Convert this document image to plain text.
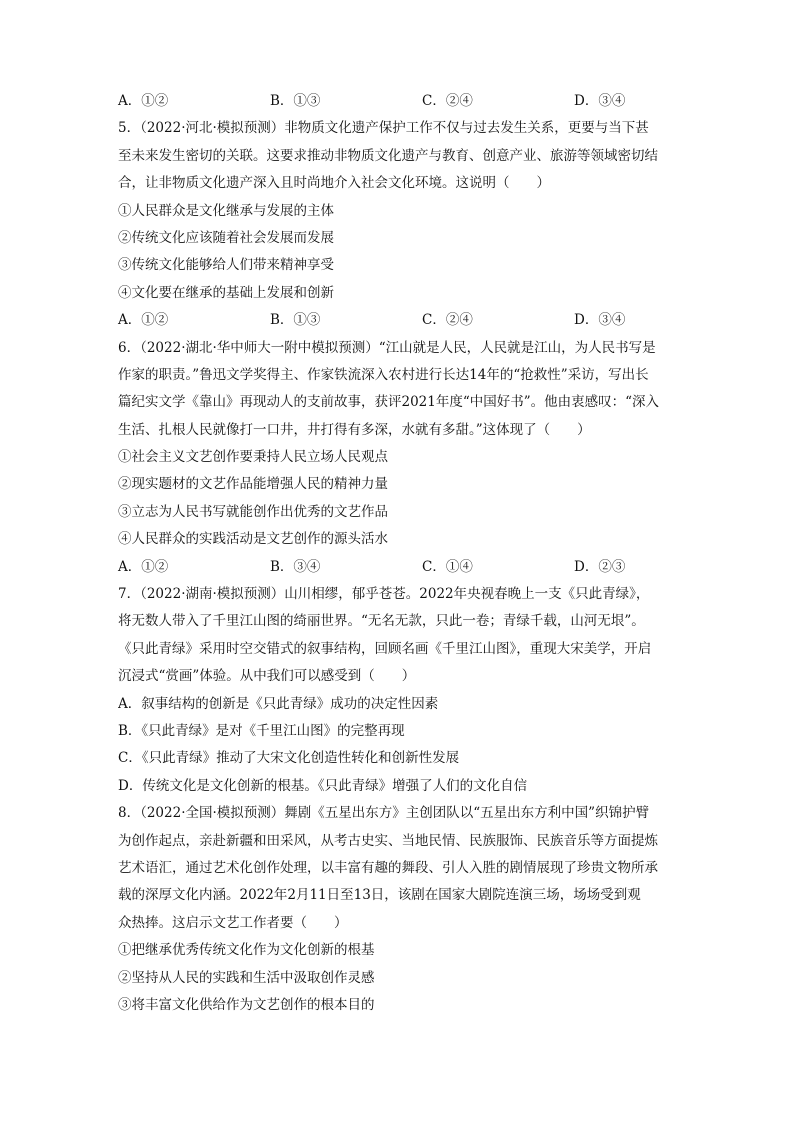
A．①②	B．①③	C．②④	D．③④
5．（2022·河北·模拟预测）非物质文化遗产保护工作不仅与过去发生关系，更要与当下甚
至未来发生密切的关联。这要求推动非物质文化遗产与教育、创意产业、旅游等领域密切结
合，让非物质文化遗产深入且时尚地介入社会文化环境。这说明（　　）
①人民群众是文化继承与发展的主体
②传统文化应该随着社会发展而发展
③传统文化能够给人们带来精神享受
④文化要在继承的基础上发展和创新
A．①②	B．①③	C．②④	D．③④
6．（2022·湖北·华中师大一附中模拟预测）“江山就是人民，人民就是江山，为人民书写是
作家的职责。”鲁迅文学奖得主、作家铁流深入农村进行长达14年的“抢救性”采访，写出长
篇纪实文学《靠山》再现动人的支前故事，获评2021年度“中国好书”。他由衷感叹：“深入
生活、扎根人民就像打一口井，井打得有多深，水就有多甜。”这体现了（　　）
①社会主义文艺创作要秉持人民立场人民观点
②现实题材的文艺作品能增强人民的精神力量
③立志为人民书写就能创作出优秀的文艺作品
④人民群众的实践活动是文艺创作的源头活水
A．①②	B．③④	C．①④	D．②③
7．（2022·湖南·模拟预测）山川相缪，郁乎苍苍。2022年央视春晚上一支《只此青绿》，
将无数人带入了千里江山图的绮丽世界。“无名无款，只此一卷；青绿千载，山河无垠”。
《只此青绿》采用时空交错式的叙事结构，回顾名画《千里江山图》，重现大宋美学，开启
沉浸式“赏画”体验。从中我们可以感受到（　　）
A．叙事结构的创新是《只此青绿》成功的决定性因素
B．《只此青绿》是对《千里江山图》的完整再现
C．《只此青绿》推动了大宋文化创造性转化和创新性发展
D．传统文化是文化创新的根基。《只此青绿》增强了人们的文化自信
8．（2022·全国·模拟预测）舞剧《五星出东方》主创团队以“五星出东方利中国”织锦护臂
为创作起点，亲赴新疆和田采风，从考古史实、当地民情、民族服饰、民族音乐等方面提炼
艺术语汇，通过艺术化创作处理，以丰富有趣的舞段、引人入胜的剧情展现了珍贵文物所承
载的深厚文化内涵。2022年2月11日至13日，该剧在国家大剧院连演三场，场场受到观
众热捧。这启示文艺工作者要（　　）
①把继承优秀传统文化作为文化创新的根基
②坚持从人民的实践和生活中汲取创作灵感
③将丰富文化供给作为文艺创作的根本目的
